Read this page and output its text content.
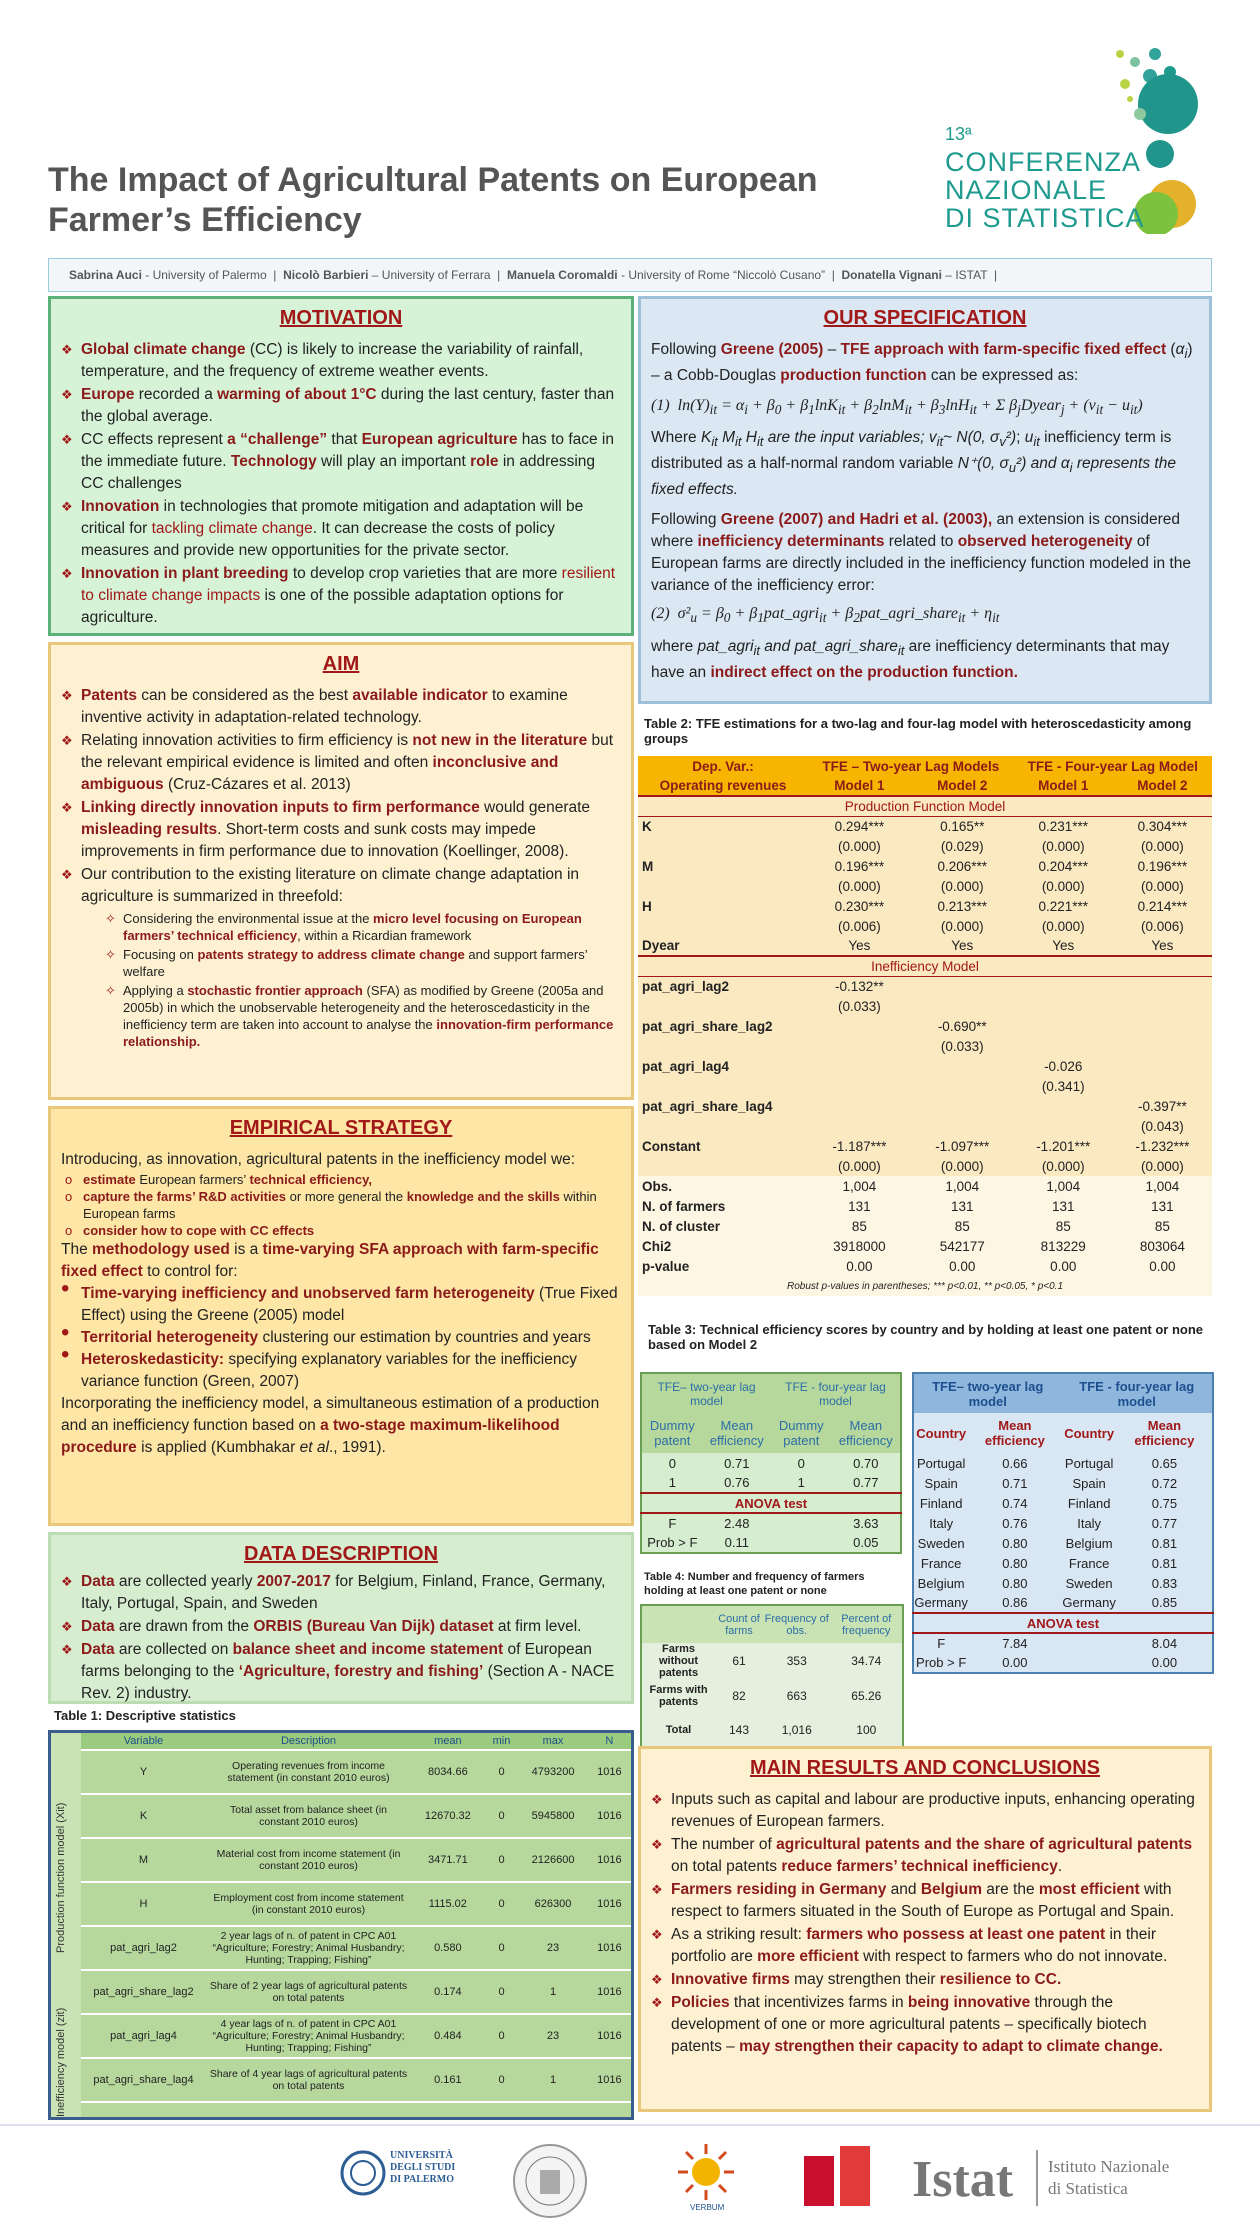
The Impact of Agricultural Patents on European Farmer’s Efficiency
13ª
CONFERENZA
NAZIONALE
DI STATISTICA
Sabrina Auci - University of Palermo  |  Nicolò Barbieri – University of Ferrara  |  Manuela Coromaldi - University of Rome “Niccolò Cusano”  |  Donatella Vignani – ISTAT  |
MOTIVATION
❖ Global climate change (CC) is likely to increase the variability of rainfall, temperature, and the frequency of extreme weather events.
❖ Europe recorded a warming of about 1°C during the last century, faster than the global average.
❖ CC effects represent a “challenge” that European agriculture has to face in the immediate future. Technology will play an important role in addressing CC challenges
❖ Innovation in technologies that promote mitigation and adaptation will be critical for tackling climate change. It can decrease the costs of policy measures and provide new opportunities for the private sector.
❖ Innovation in plant breeding to develop crop varieties that are more resilient to climate change impacts is one of the possible adaptation options for agriculture.
AIM
❖ Patents can be considered as the best available indicator to examine inventive activity in adaptation-related technology.
❖ Relating innovation activities to firm efficiency is not new in the literature but the relevant empirical evidence is limited and often inconclusive and ambiguous (Cruz-Cázares et al. 2013)
❖ Linking directly innovation inputs to firm performance would generate misleading results. Short-term costs and sunk costs may impede improvements in firm performance due to innovation (Koellinger, 2008).
❖ Our contribution to the existing literature on climate change adaptation in agriculture is summarized in threefold:
✧ Considering the environmental issue at the micro level focusing on European farmers’ technical efficiency, within a Ricardian framework
✧ Focusing on patents strategy to address climate change and support farmers’ welfare
✧ Applying a stochastic frontier approach (SFA) as modified by Greene (2005a and 2005b) in which the unobservable heterogeneity and the heteroscedasticity in the inefficiency term are taken into account to analyse the innovation-firm performance relationship.
EMPIRICAL STRATEGY
Introducing, as innovation, agricultural patents in the inefficiency model we:
o estimate European farmers’ technical efficiency,
o capture the farms’ R&D activities or more general the knowledge and the skills within European farms
o consider how to cope with CC effects
The methodology used is a time-varying SFA approach with farm-specific fixed effect to control for:
• Time-varying inefficiency and unobserved farm heterogeneity (True Fixed Effect) using the Greene (2005) model
• Territorial heterogeneity clustering our estimation by countries and years
• Heteroskedasticity: specifying explanatory variables for the inefficiency variance function (Green, 2007)
Incorporating the inefficiency model, a simultaneous estimation of a production and an inefficiency function based on a two-stage maximum-likelihood procedure is applied (Kumbhakar et al., 1991).
DATA DESCRIPTION
❖ Data are collected yearly 2007-2017 for Belgium, Finland, France, Germany, Italy, Portugal, Spain, and Sweden
❖ Data are drawn from the ORBIS (Bureau Van Dijk) dataset at firm level.
❖ Data are collected on balance sheet and income statement of European farms belonging to the ‘Agriculture, forestry and fishing’ (Section A - NACE Rev. 2) industry.
Table 1: Descriptive statistics
Production function model (Xit)
Inefficiency model (zit)
Variable	Description	mean	min	max	N
Y	Operating revenues from income statement (in constant 2010 euros)	8034.66	0	4793200	1016
K	Total asset from balance sheet (in constant 2010 euros)	12670.32	0	5945800	1016
M	Material cost from income statement (in constant 2010 euros)	3471.71	0	2126600	1016
H	Employment cost from income statement (in constant 2010 euros)	1115.02	0	626300	1016
pat_agri_lag2	2 year lags of n. of patent in CPC A01 “Agriculture; Forestry; Animal Husbandry; Hunting; Trapping; Fishing”	0.580	0	23	1016
pat_agri_share_lag2	Share of 2 year lags of agricultural patents on total patents	0.174	0	1	1016
pat_agri_lag4	4 year lags of n. of patent in CPC A01 “Agriculture; Forestry; Animal Husbandry; Hunting; Trapping; Fishing”	0.484	0	23	1016
pat_agri_share_lag4	Share of 4 year lags of agricultural patents on total patents	0.161	0	1	1016
OUR SPECIFICATION
Following Greene (2005) – TFE approach with farm-specific fixed effect $(\alpha_i)$ – a Cobb-Douglas production function can be expressed as:
(1)  $\ln(Y)_{it} = \alpha_i + \beta_0 + \beta_1\ln K_{it} + \beta_2\ln M_{it} + \beta_3\ln H_{it} + \Sigma$ $\beta_jDyear_j + (v_{it} - u_{it})$
Where $K_{it}$ $M_{it}$ $H_{it}$ are the input variables; $v_{it}\sim$ N(0, $\sigma_v^2$); $u_{it}$ inefficiency term is distributed as a half-normal random variable N⁺(0, $\sigma_u^2$) and $\alpha_i$ represents the fixed effects.
Following Greene (2007) and Hadri et al. (2003), an extension is considered where inefficiency determinants related to observed heterogeneity of European farms are directly included in the inefficiency function modeled in the variance of the inefficiency error:
(2)  $\sigma^2_u = \beta_0$ + $\beta_1pat\_agri_{it}$ + $\beta_2pat\_agri\_share_{it} + \eta_{it}$
where pat_agri$_{it}$ and pat_agri_share$_{it}$ are inefficiency determinants that may have an indirect effect on the production function.
Table 2: TFE estimations for a two-lag and four-lag model with heteroscedasticity among groups
Dep. Var.:	TFE – Two-year Lag Models		TFE - Four-year Lag Model	
Operating revenues	Model 1	Model 2	Model 1	Model 2
Production Function Model				
K	0.294***	0.165**	0.231***	0.304***
	(0.000)	(0.029)	(0.000)	(0.000)
M	0.196***	0.206***	0.204***	0.196***
	(0.000)	(0.000)	(0.000)	(0.000)
H	0.230***	0.213***	0.221***	0.214***
	(0.006)	(0.000)	(0.000)	(0.006)
Dyear	Yes	Yes	Yes	Yes
Inefficiency Model				
pat_agri_lag2	-0.132**			
	(0.033)			
pat_agri_share_lag2		-0.690**		
		(0.033)		
pat_agri_lag4			-0.026	
			(0.341)	
pat_agri_share_lag4				-0.397**
				(0.043)
Constant	-1.187***	-1.097***	-1.201***	-1.232***
	(0.000)	(0.000)	(0.000)	(0.000)
Obs.	1,004	1,004	1,004	1,004
N. of farmers	131	131	131	131
N. of cluster	85	85	85	85
Chi2	3918000	542177	813229	803064
p-value	0.00	0.00	0.00	0.00
Robust p-values in parentheses; *** p<0.01, ** p<0.05, * p<0.1				
Table 3: Technical efficiency scores by country and by holding at least one patent or none based on Model 2
TFE– two-year lag model		TFE - four-year lag model	
Dummy patent	Mean efficiency	Dummy patent	Mean efficiency
0	0.71	0	0.70
1	0.76	1	0.77
ANOVA test			
F	2.48		3.63
Prob > F	0.11		0.05
TFE– two-year lag model		TFE - four-year lag model	
Country	Mean efficiency	Country	Mean efficiency
Portugal	0.66	Portugal	0.65
Spain	0.71	Spain	0.72
Finland	0.74	Finland	0.75
Italy	0.76	Italy	0.77
Sweden	0.80	Belgium	0.81
France	0.80	France	0.81
Belgium	0.80	Sweden	0.83
Germany	0.86	Germany	0.85
ANOVA test			
F	7.84		8.04
Prob > F	0.00		0.00
Table 4: Number and frequency of farmers holding at least one patent or none
	Count of farms	Frequency of obs.	Percent of frequency
Farms without patents	61	353	34.74
Farms with patents	82	663	65.26
Total	143	1,016	100
MAIN RESULTS AND CONCLUSIONS
❖ Inputs such as capital and labour are productive inputs, enhancing operating revenues of European farmers.
❖ The number of agricultural patents and the share of agricultural patents on total patents reduce farmers’ technical inefficiency.
❖ Farmers residing in Germany and Belgium are the most efficient with respect to farmers situated in the South of Europe as Portugal and Spain.
❖ As a striking result: farmers who possess at least one patent in their portfolio are more efficient with respect to farmers who do not innovate.
❖ Innovative firms may strengthen their resilience to CC.
❖ Policies that incentivizes farms in being innovative through the development of one or more agricultural patents – specifically biotech patents – may strengthen their capacity to adapt to climate change.
UNIVERSITÀ
DEGLI STUDI
DI PALERMO
VERBUM	Istat Istituto Nazionale
di Statistica
